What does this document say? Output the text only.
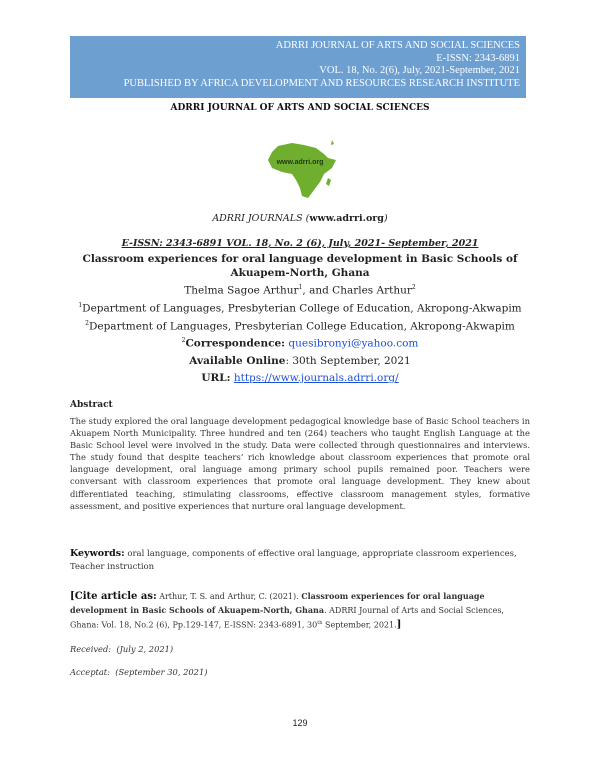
ADRRI JOURNAL OF ARTS AND SOCIAL SCIENCES
E-ISSN: 2343-6891
VOL. 18, No. 2(6), July, 2021-September, 2021
PUBLISHED BY AFRICA DEVELOPMENT AND RESOURCES RESEARCH INSTITUTE
ADRRI JOURNAL OF ARTS AND SOCIAL SCIENCES
www.adrri.org
ADRRI JOURNALS (www.adrri.org)
E-ISSN: 2343-6891 VOL. 18, No. 2 (6), July, 2021- September, 2021
Classroom experiences for oral language development in Basic Schools of Akuapem-North, Ghana
Thelma Sagoe Arthur$^1$, and Charles Arthur$^2$
$^1$Department of Languages, Presbyterian College of Education, Akropong-Akwapim
$^2$Department of Languages, Presbyterian College Education, Akropong-Akwapim
$^2$Correspondence: quesibronyi@yahoo.com
Available Online: 30th September, 2021
URL: https://www.journals.adrri.org/
Abstract
The study explored the oral language development pedagogical knowledge base of Basic School teachers in Akuapem North Municipality. Three hundred and ten (264) teachers who taught English Language at the Basic School level were involved in the study. Data were collected through questionnaires and interviews. The study found that despite teachers’ rich knowledge about classroom experiences that promote oral language development, oral language among primary school pupils remained poor. Teachers were conversant with classroom experiences that promote oral language development. They knew about differentiated teaching, stimulating classrooms, effective classroom management styles, formative assessment, and positive experiences that nurture oral language development.
Keywords: oral language, components of effective oral language, appropriate classroom experiences, Teacher instruction
[Cite article as: Arthur, T. S. and Arthur, C. (2021). Classroom experiences for oral language development in Basic Schools of Akuapem-North, Ghana. ADRRI Journal of Arts and Social Sciences, Ghana: Vol. 18, No.2 (6), Pp.129-147, E-ISSN: 2343-6891, 30th September, 2021.]
Received: (July 2, 2021)
Acceptat: (September 30, 2021)
129
